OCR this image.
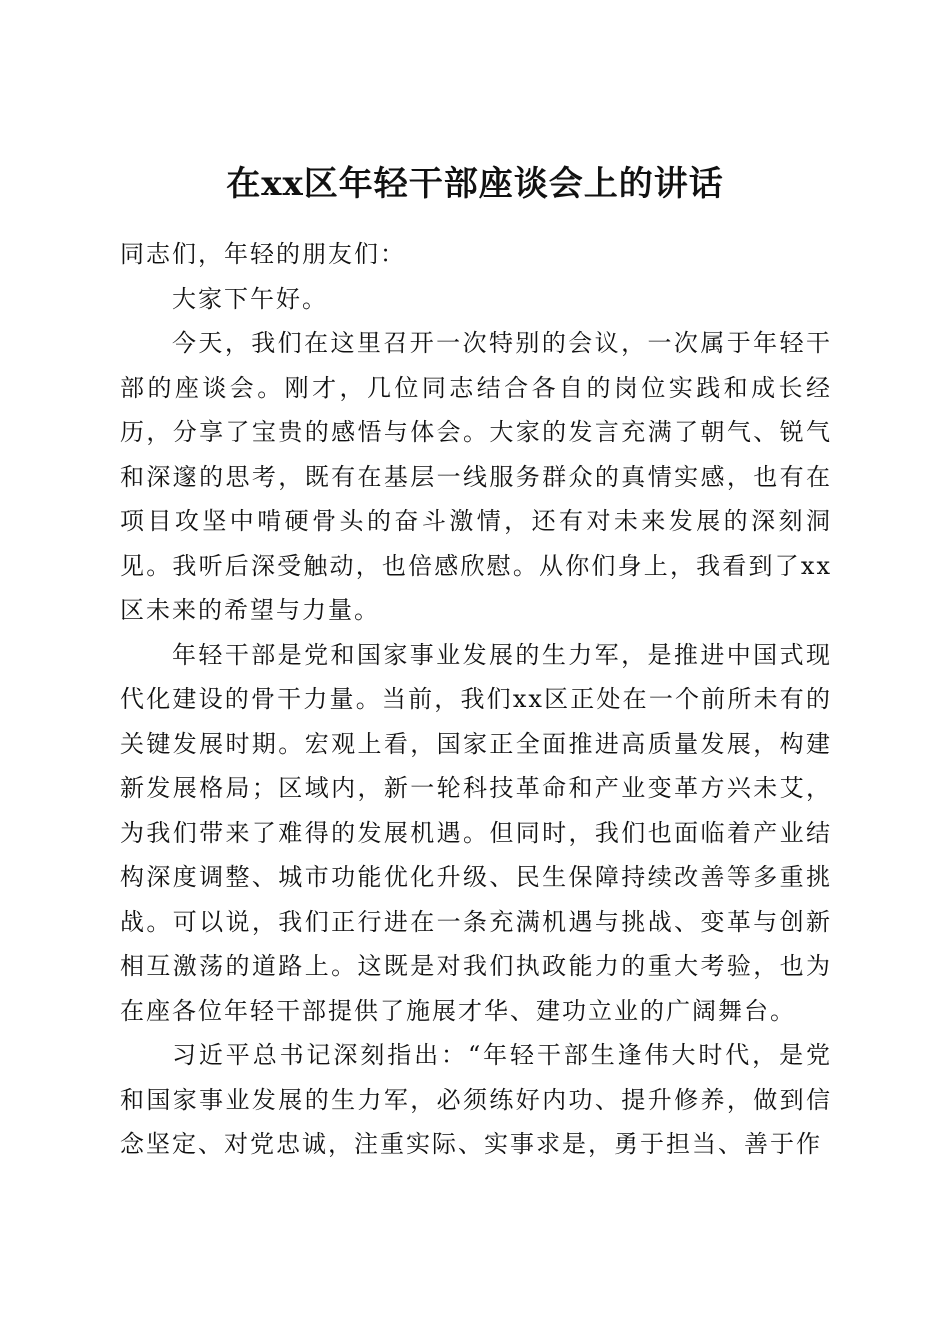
在xx区年轻干部座谈会上的讲话

同志们，年轻的朋友们：

大家下午好。

今天，我们在这里召开一次特别的会议，一次属于年轻干部的座谈会。刚才，几位同志结合各自的岗位实践和成长经历，分享了宝贵的感悟与体会。大家的发言充满了朝气、锐气和深邃的思考，既有在基层一线服务群众的真情实感，也有在项目攻坚中啃硬骨头的奋斗激情，还有对未来发展的深刻洞见。我听后深受触动，也倍感欣慰。从你们身上，我看到了xx区未来的希望与力量。

年轻干部是党和国家事业发展的生力军，是推进中国式现代化建设的骨干力量。当前，我们xx区正处在一个前所未有的关键发展时期。宏观上看，国家正全面推进高质量发展，构建新发展格局；区域内，新一轮科技革命和产业变革方兴未艾，为我们带来了难得的发展机遇。但同时，我们也面临着产业结构深度调整、城市功能优化升级、民生保障持续改善等多重挑战。可以说，我们正行进在一条充满机遇与挑战、变革与创新相互激荡的道路上。这既是对我们执政能力的重大考验，也为在座各位年轻干部提供了施展才华、建功立业的广阔舞台。

习近平总书记深刻指出：“年轻干部生逢伟大时代，是党和国家事业发展的生力军，必须练好内功、提升修养，做到信念坚定、对党忠诚，注重实际、实事求是，勇于担当、善于作
